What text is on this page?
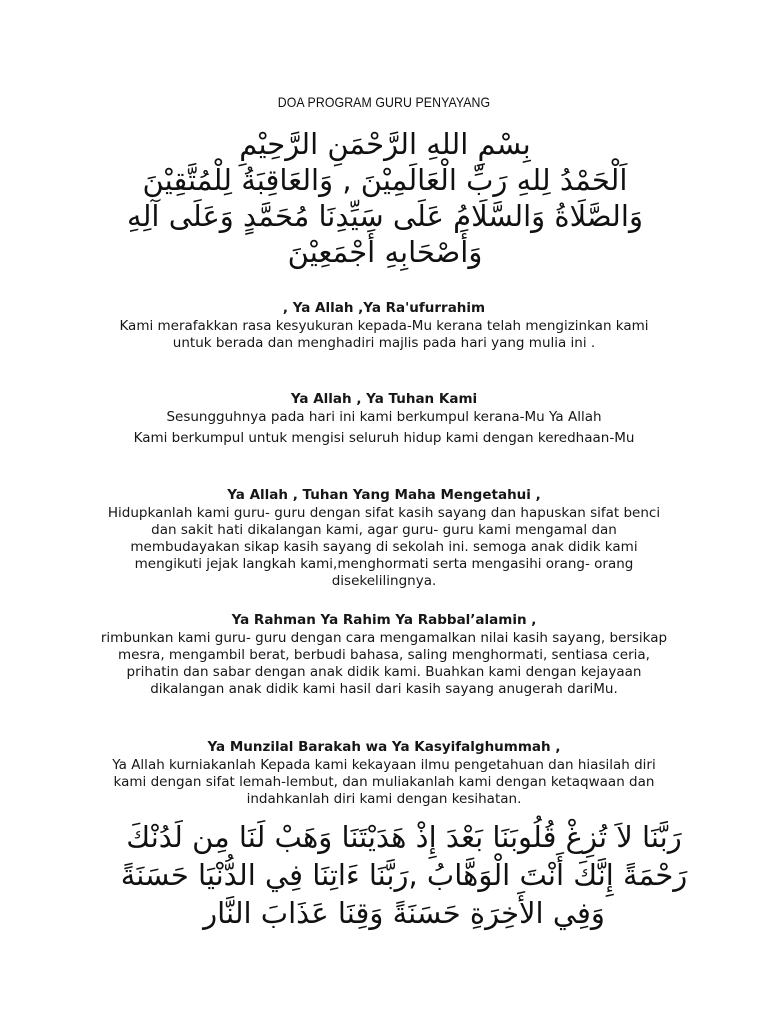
DOA PROGRAM GURU PENYAYANG
بِسْمِ اللهِ الرَّحْمَنِ الرَّحِيْمِ
اَلْحَمْدُ لِلهِ رَبِّ الْعَالَمِيْنَ , وَالعَاقِبَةُ لِلْمُتَّقِيْنَ
وَالصَّلَاةُ وَالسَّلَامُ عَلَى سَيِّدِنَا مُحَمَّدٍ وَعَلَى آلِهِ
وَأَصْحَابِهِ أَجْمَعِيْنَ
, Ya Allah ,Ya Ra'ufurrahim
Kami merafakkan rasa kesyukuran kepada-Mu kerana telah mengizinkan kami untuk berada dan menghadiri majlis pada hari yang mulia ini .
Ya Allah , Ya Tuhan Kami
Sesungguhnya pada hari ini kami berkumpul kerana-Mu Ya Allah
Kami berkumpul untuk mengisi seluruh hidup kami dengan keredhaan-Mu
Ya Allah , Tuhan Yang Maha Mengetahui ,
Hidupkanlah kami guru- guru dengan sifat kasih sayang dan hapuskan sifat benci dan sakit hati dikalangan kami, agar guru- guru kami mengamal dan membudayakan sikap kasih sayang di sekolah ini. semoga anak didik kami mengikuti jejak langkah kami,menghormati serta mengasihi orang- orang disekelilingnya.
Ya Rahman Ya Rahim Ya Rabbal’alamin ,
rimbunkan kami guru- guru dengan cara mengamalkan nilai kasih sayang, bersikap mesra, mengambil berat, berbudi bahasa, saling menghormati, sentiasa ceria, prihatin dan sabar dengan anak didik kami. Buahkan kami dengan kejayaan dikalangan anak didik kami hasil dari kasih sayang anugerah dariMu.
Ya Munzilal Barakah wa Ya Kasyifalghummah ,
Ya Allah kurniakanlah Kepada kami kekayaan ilmu pengetahuan dan hiasilah diri kami dengan sifat lemah-lembut, dan muliakanlah kami dengan ketaqwaan dan indahkanlah diri kami dengan kesihatan.
رَبَّنَا لاَ تُزِغْ قُلُوبَنَا بَعْدَ إِذْ هَدَيْتَنَا وَهَبْ لَنَا مِن لَدُنْكَ
رَحْمَةً إِنَّكَ أَنْتَ الْوَهَّابُ ,رَبَّنَا ءَاتِنَا فِي الدُّنْيَا حَسَنَةً
وَفِي الأَخِرَةِ حَسَنَةً وَقِنَا عَذَابَ النَّار
